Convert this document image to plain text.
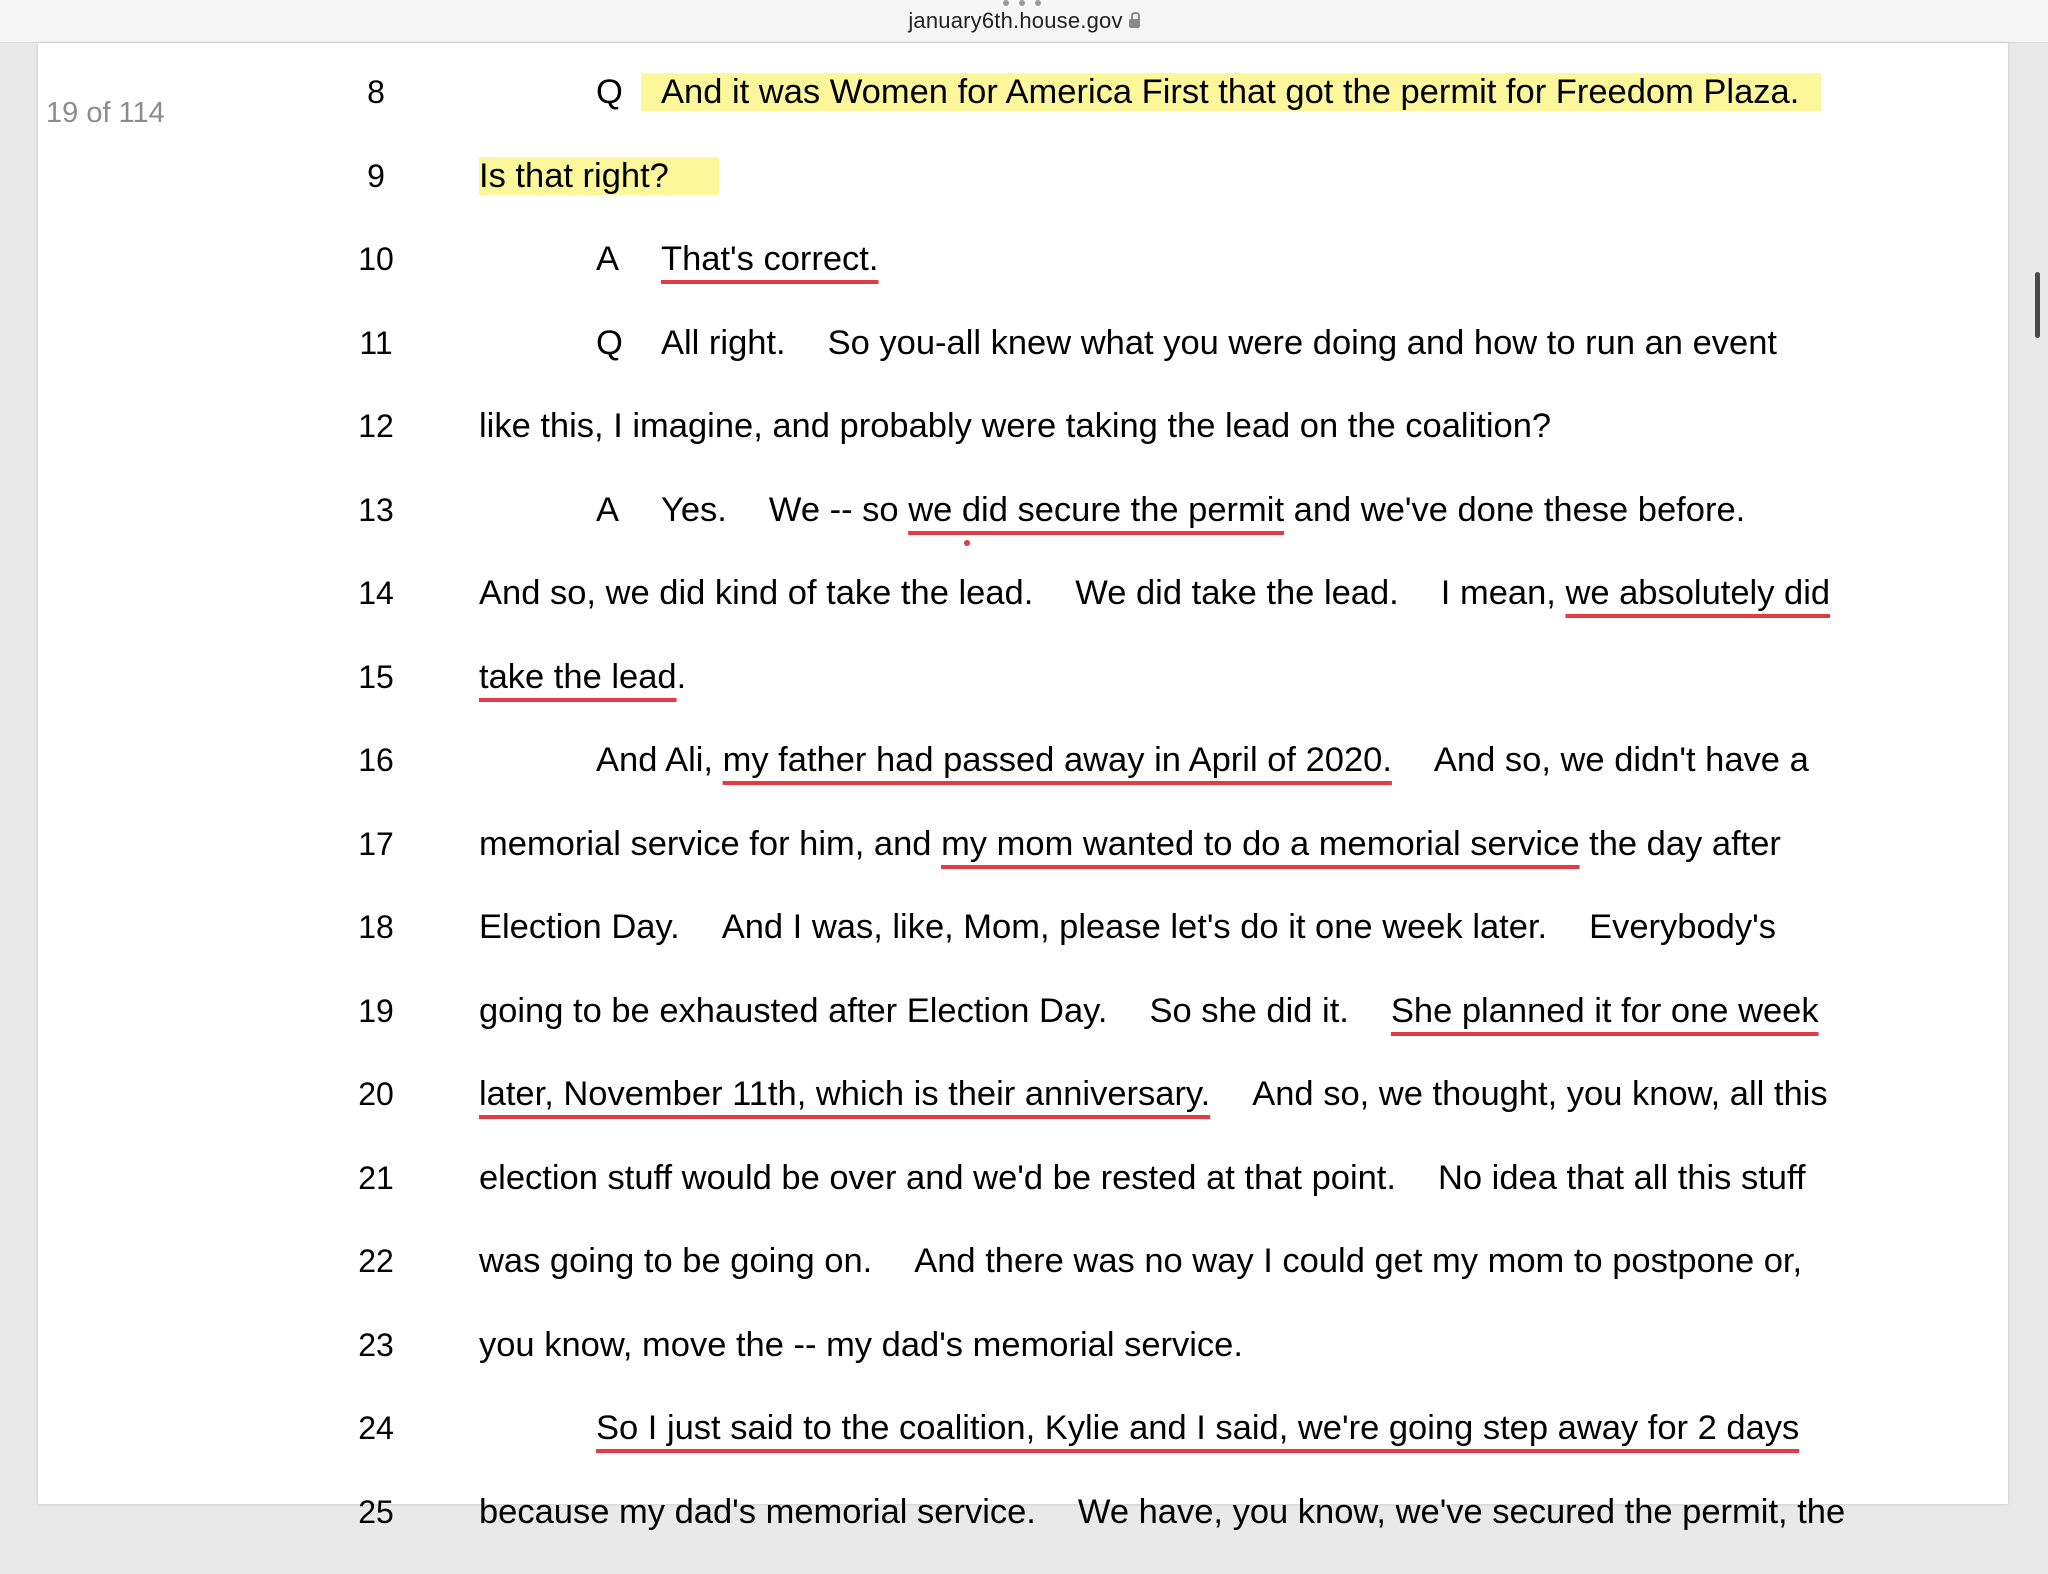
january6th.house.gov
19 of 114
8	Q And it was Women for America First that got the permit for Freedom Plaza.
9	Is that right?
10	A That's correct.
11	Q All right. So you-all knew what you were doing and how to run an event
12	like this, I imagine, and probably were taking the lead on the coalition?
13	A Yes. We -- so we did secure the permit and we've done these before.
14	And so, we did kind of take the lead. We did take the lead. I mean, we absolutely did
15	take the lead.
16	And Ali, my father had passed away in April of 2020. And so, we didn't have a
17	memorial service for him, and my mom wanted to do a memorial service the day after
18	Election Day. And I was, like, Mom, please let's do it one week later. Everybody's
19	going to be exhausted after Election Day. So she did it. She planned it for one week
20	later, November 11th, which is their anniversary. And so, we thought, you know, all this
21	election stuff would be over and we'd be rested at that point. No idea that all this stuff
22	was going to be going on. And there was no way I could get my mom to postpone or,
23	you know, move the -- my dad's memorial service.
24	So I just said to the coalition, Kylie and I said, we're going step away for 2 days
25	because my dad's memorial service. We have, you know, we've secured the permit, the
